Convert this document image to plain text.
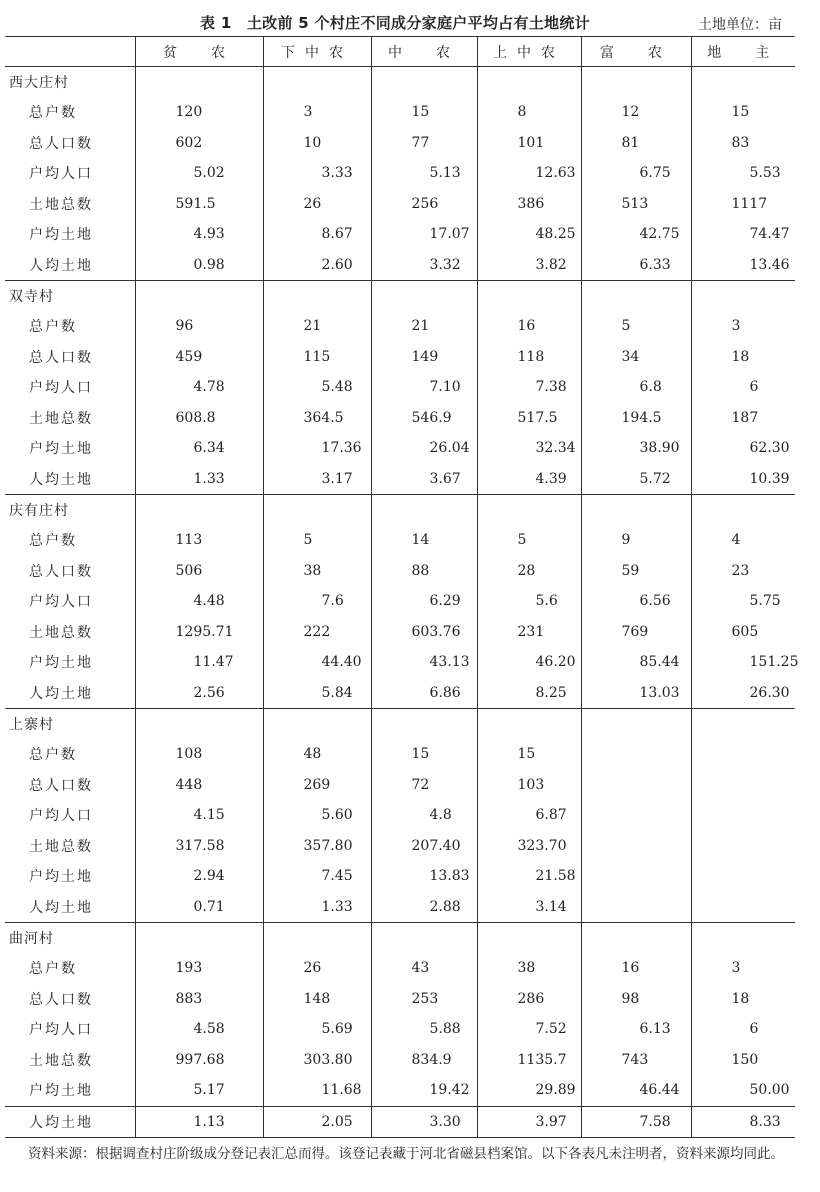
表 1　土改前 5 个村庄不同成分家庭户平均占有土地统计	土地单位：亩
	贫　农	下中农	中　农	上中农	富　农	地　主
西大庄村						
总户数	120	3	15	8	12	15
总人口数	602	10	77	101	81	83
户均人口	5.02	3.33	5.13	12.63	6.75	5.53
土地总数	591.5	26	256	386	513	1117
户均土地	4.93	8.67	17.07	48.25	42.75	74.47
人均土地	0.98	2.60	3.32	3.82	6.33	13.46
双寺村						
总户数	96	21	21	16	5	3
总人口数	459	115	149	118	34	18
户均人口	4.78	5.48	7.10	7.38	6.8	6
土地总数	608.8	364.5	546.9	517.5	194.5	187
户均土地	6.34	17.36	26.04	32.34	38.90	62.30
人均土地	1.33	3.17	3.67	4.39	5.72	10.39
庆有庄村						
总户数	113	5	14	5	9	4
总人口数	506	38	88	28	59	23
户均人口	4.48	7.6	6.29	5.6	6.56	5.75
土地总数	1295.71	222	603.76	231	769	605
户均土地	11.47	44.40	43.13	46.20	85.44	151.25
人均土地	2.56	5.84	6.86	8.25	13.03	26.30
上寨村						
总户数	108	48	15	15		
总人口数	448	269	72	103		
户均人口	4.15	5.60	4.8	6.87		
土地总数	317.58	357.80	207.40	323.70		
户均土地	2.94	7.45	13.83	21.58		
人均土地	0.71	1.33	2.88	3.14		
曲河村						
总户数	193	26	43	38	16	3
总人口数	883	148	253	286	98	18
户均人口	4.58	5.69	5.88	7.52	6.13	6
土地总数	997.68	303.80	834.9	1135.7	743	150
户均土地	5.17	11.68	19.42	29.89	46.44	50.00
人均土地	1.13	2.05	3.30	3.97	7.58	8.33
资料来源：根据调查村庄阶级成分登记表汇总而得。该登记表藏于河北省磁县档案馆。以下各表凡未注明者，资料来源均同此。
